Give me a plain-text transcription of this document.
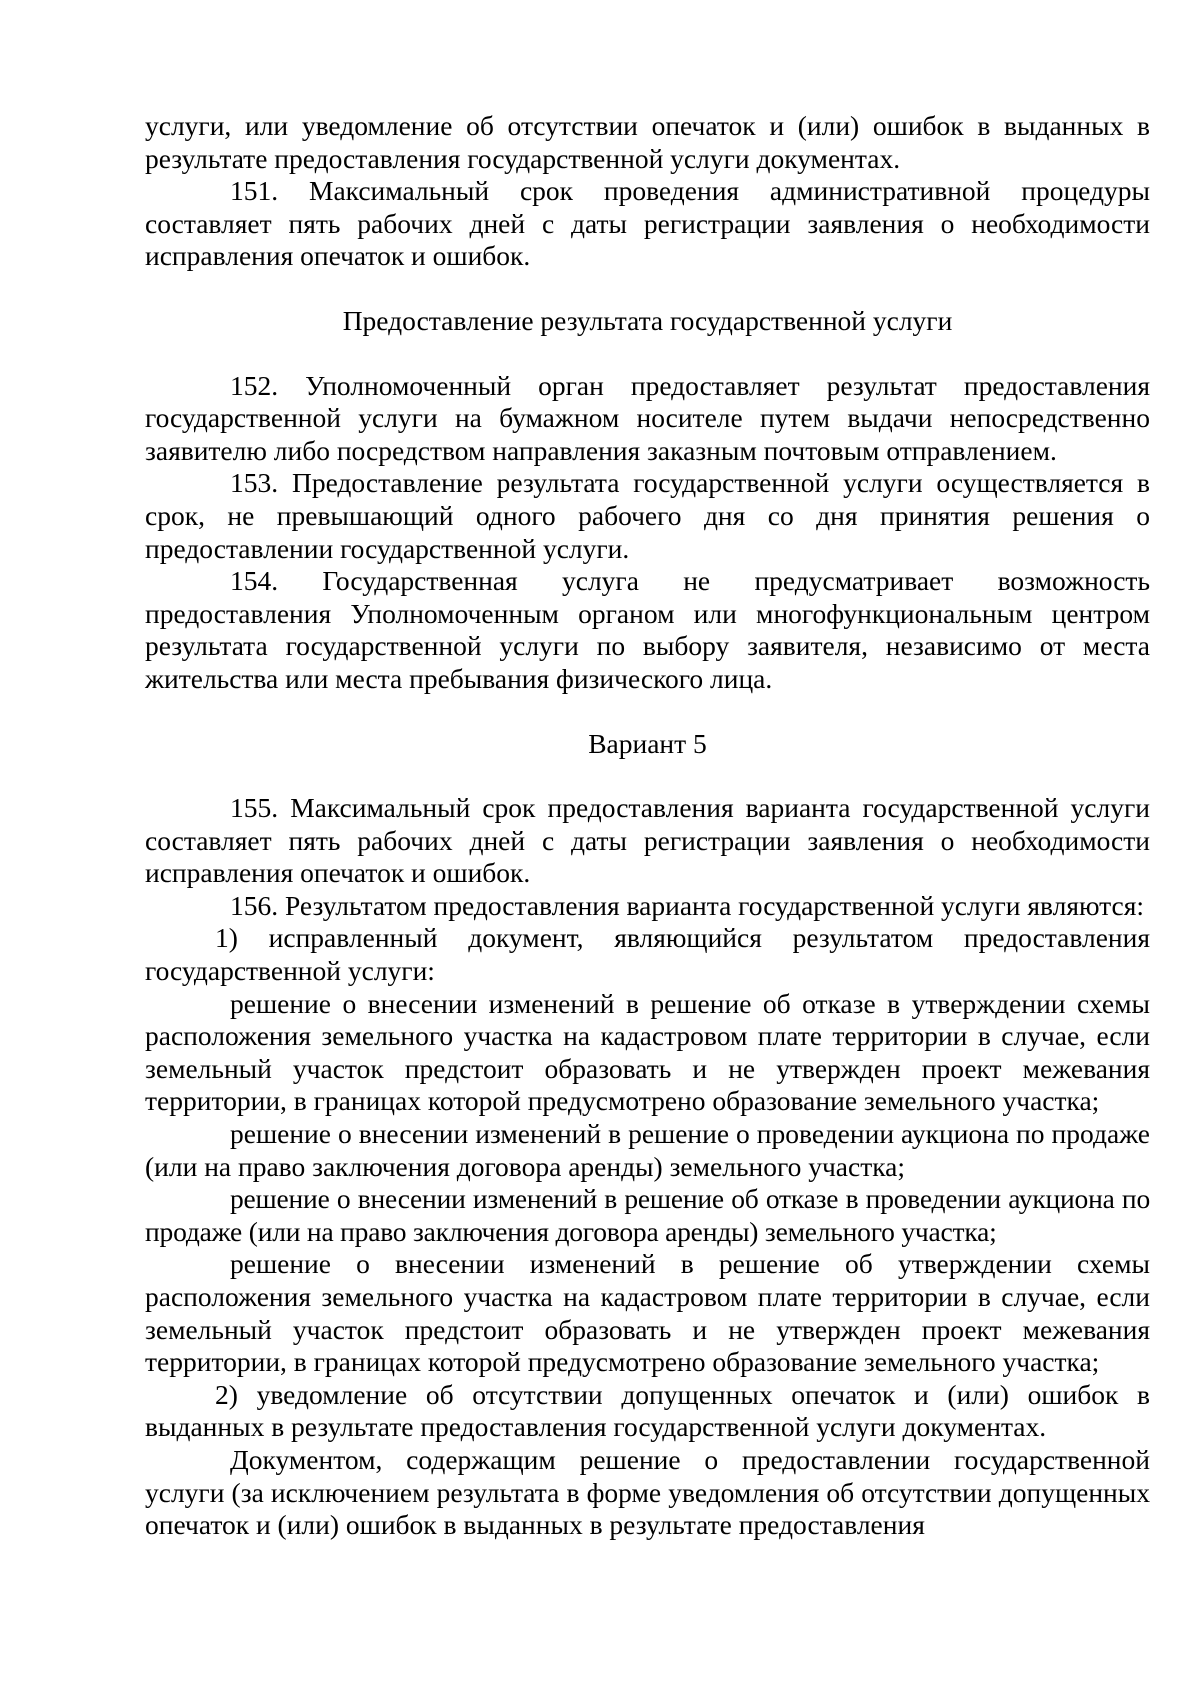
услуги, или уведомление об отсутствии опечаток и (или) ошибок в выданных в результате предоставления государственной услуги документах.

151. Максимальный срок проведения административной процедуры составляет пять рабочих дней с даты регистрации заявления о необходимости исправления опечаток и ошибок.

Предоставление результата государственной услуги

152. Уполномоченный орган предоставляет результат предоставления государственной услуги на бумажном носителе путем выдачи непосредственно заявителю либо посредством направления заказным почтовым отправлением.

153. Предоставление результата государственной услуги осуществляется в срок, не превышающий одного рабочего дня со дня принятия решения о предоставлении государственной услуги.

154. Государственная услуга не предусматривает возможность предоставления Уполномоченным органом или многофункциональным центром результата государственной услуги по выбору заявителя, независимо от места жительства или места пребывания физического лица.

Вариант 5

155. Максимальный срок предоставления варианта государственной услуги составляет пять рабочих дней с даты регистрации заявления о необходимости исправления опечаток и ошибок.

156. Результатом предоставления варианта государственной услуги являются:

1) исправленный документ, являющийся результатом предоставления государственной услуги:

решение о внесении изменений в решение об отказе в утверждении схемы расположения земельного участка на кадастровом плате территории в случае, если земельный участок предстоит образовать и не утвержден проект межевания территории, в границах которой предусмотрено образование земельного участка;

решение о внесении изменений в решение о проведении аукциона по продаже (или на право заключения договора аренды) земельного участка;

решение о внесении изменений в решение об отказе в проведении аукциона по продаже (или на право заключения договора аренды) земельного участка;

решение о внесении изменений в решение об утверждении схемы расположения земельного участка на кадастровом плате территории в случае, если земельный участок предстоит образовать и не утвержден проект межевания территории, в границах которой предусмотрено образование земельного участка;

2) уведомление об отсутствии допущенных опечаток и (или) ошибок в выданных в результате предоставления государственной услуги документах.

Документом, содержащим решение о предоставлении государственной услуги (за исключением результата в форме уведомления об отсутствии допущенных опечаток и (или) ошибок в выданных в результате предоставления
